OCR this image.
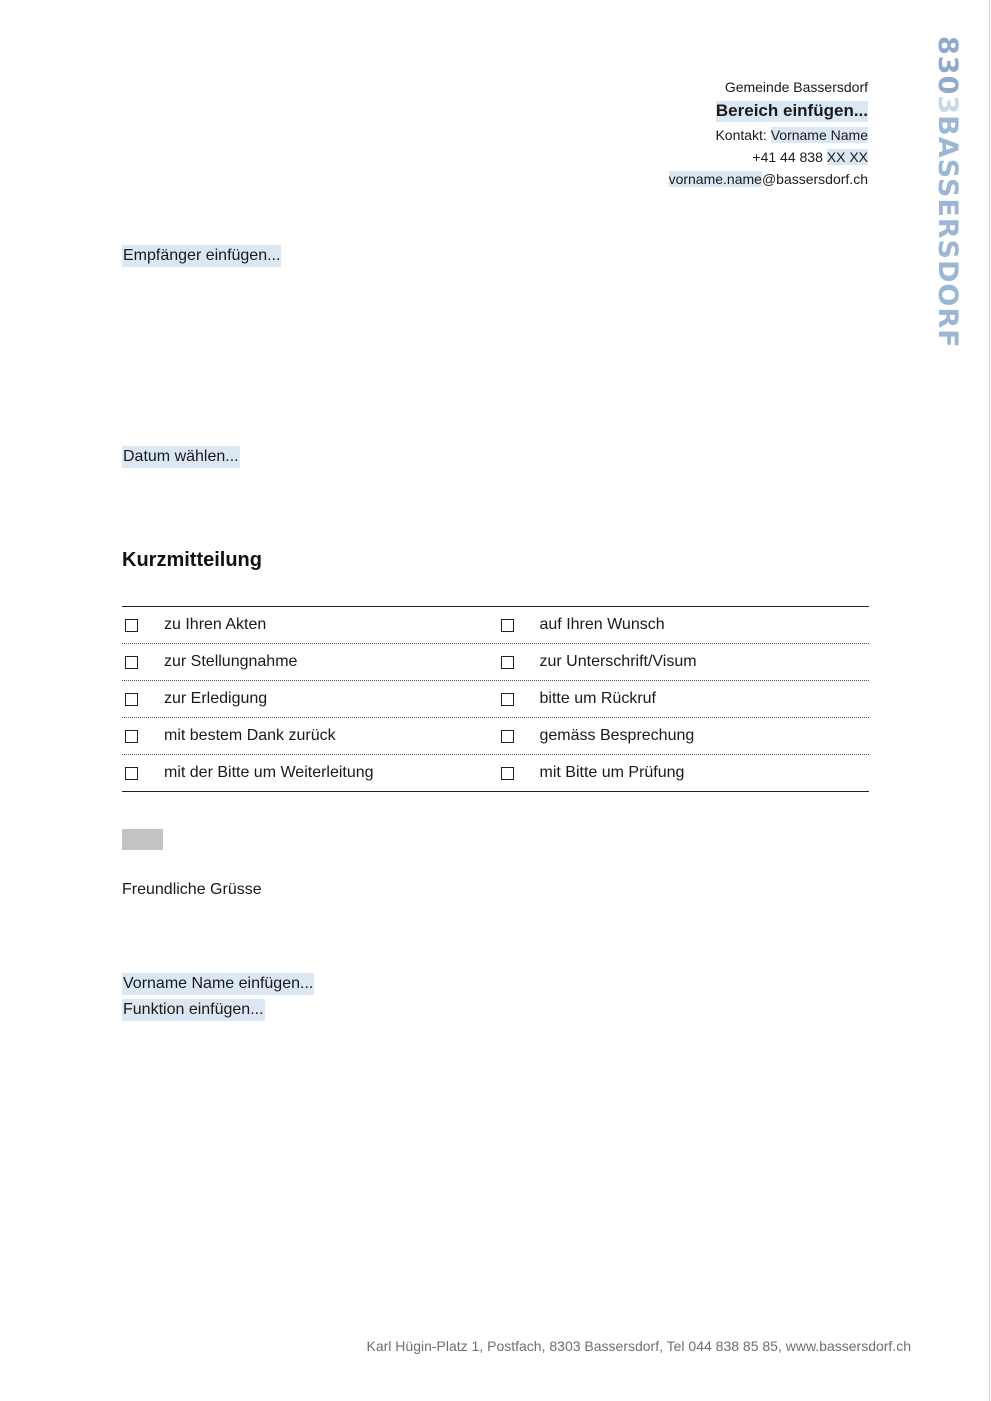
8303BASSERSDORF
Gemeinde Bassersdorf
Bereich einfügen...
Kontakt: Vorname Name
+41 44 838 XX XX
vorname.name@bassersdorf.ch
Empfänger einfügen...
Datum wählen...
Kurzmitteilung
zu Ihren Akten	auf Ihren Wunsch
zur Stellungnahme	zur Unterschrift/Visum
zur Erledigung	bitte um Rückruf
mit bestem Dank zurück	gemäss Besprechung
mit der Bitte um Weiterleitung	mit Bitte um Prüfung
Freundliche Grüsse
Vorname Name einfügen...
Funktion einfügen...
Karl Hügin-Platz 1, Postfach, 8303 Bassersdorf, Tel 044 838 85 85, www.bassersdorf.ch
